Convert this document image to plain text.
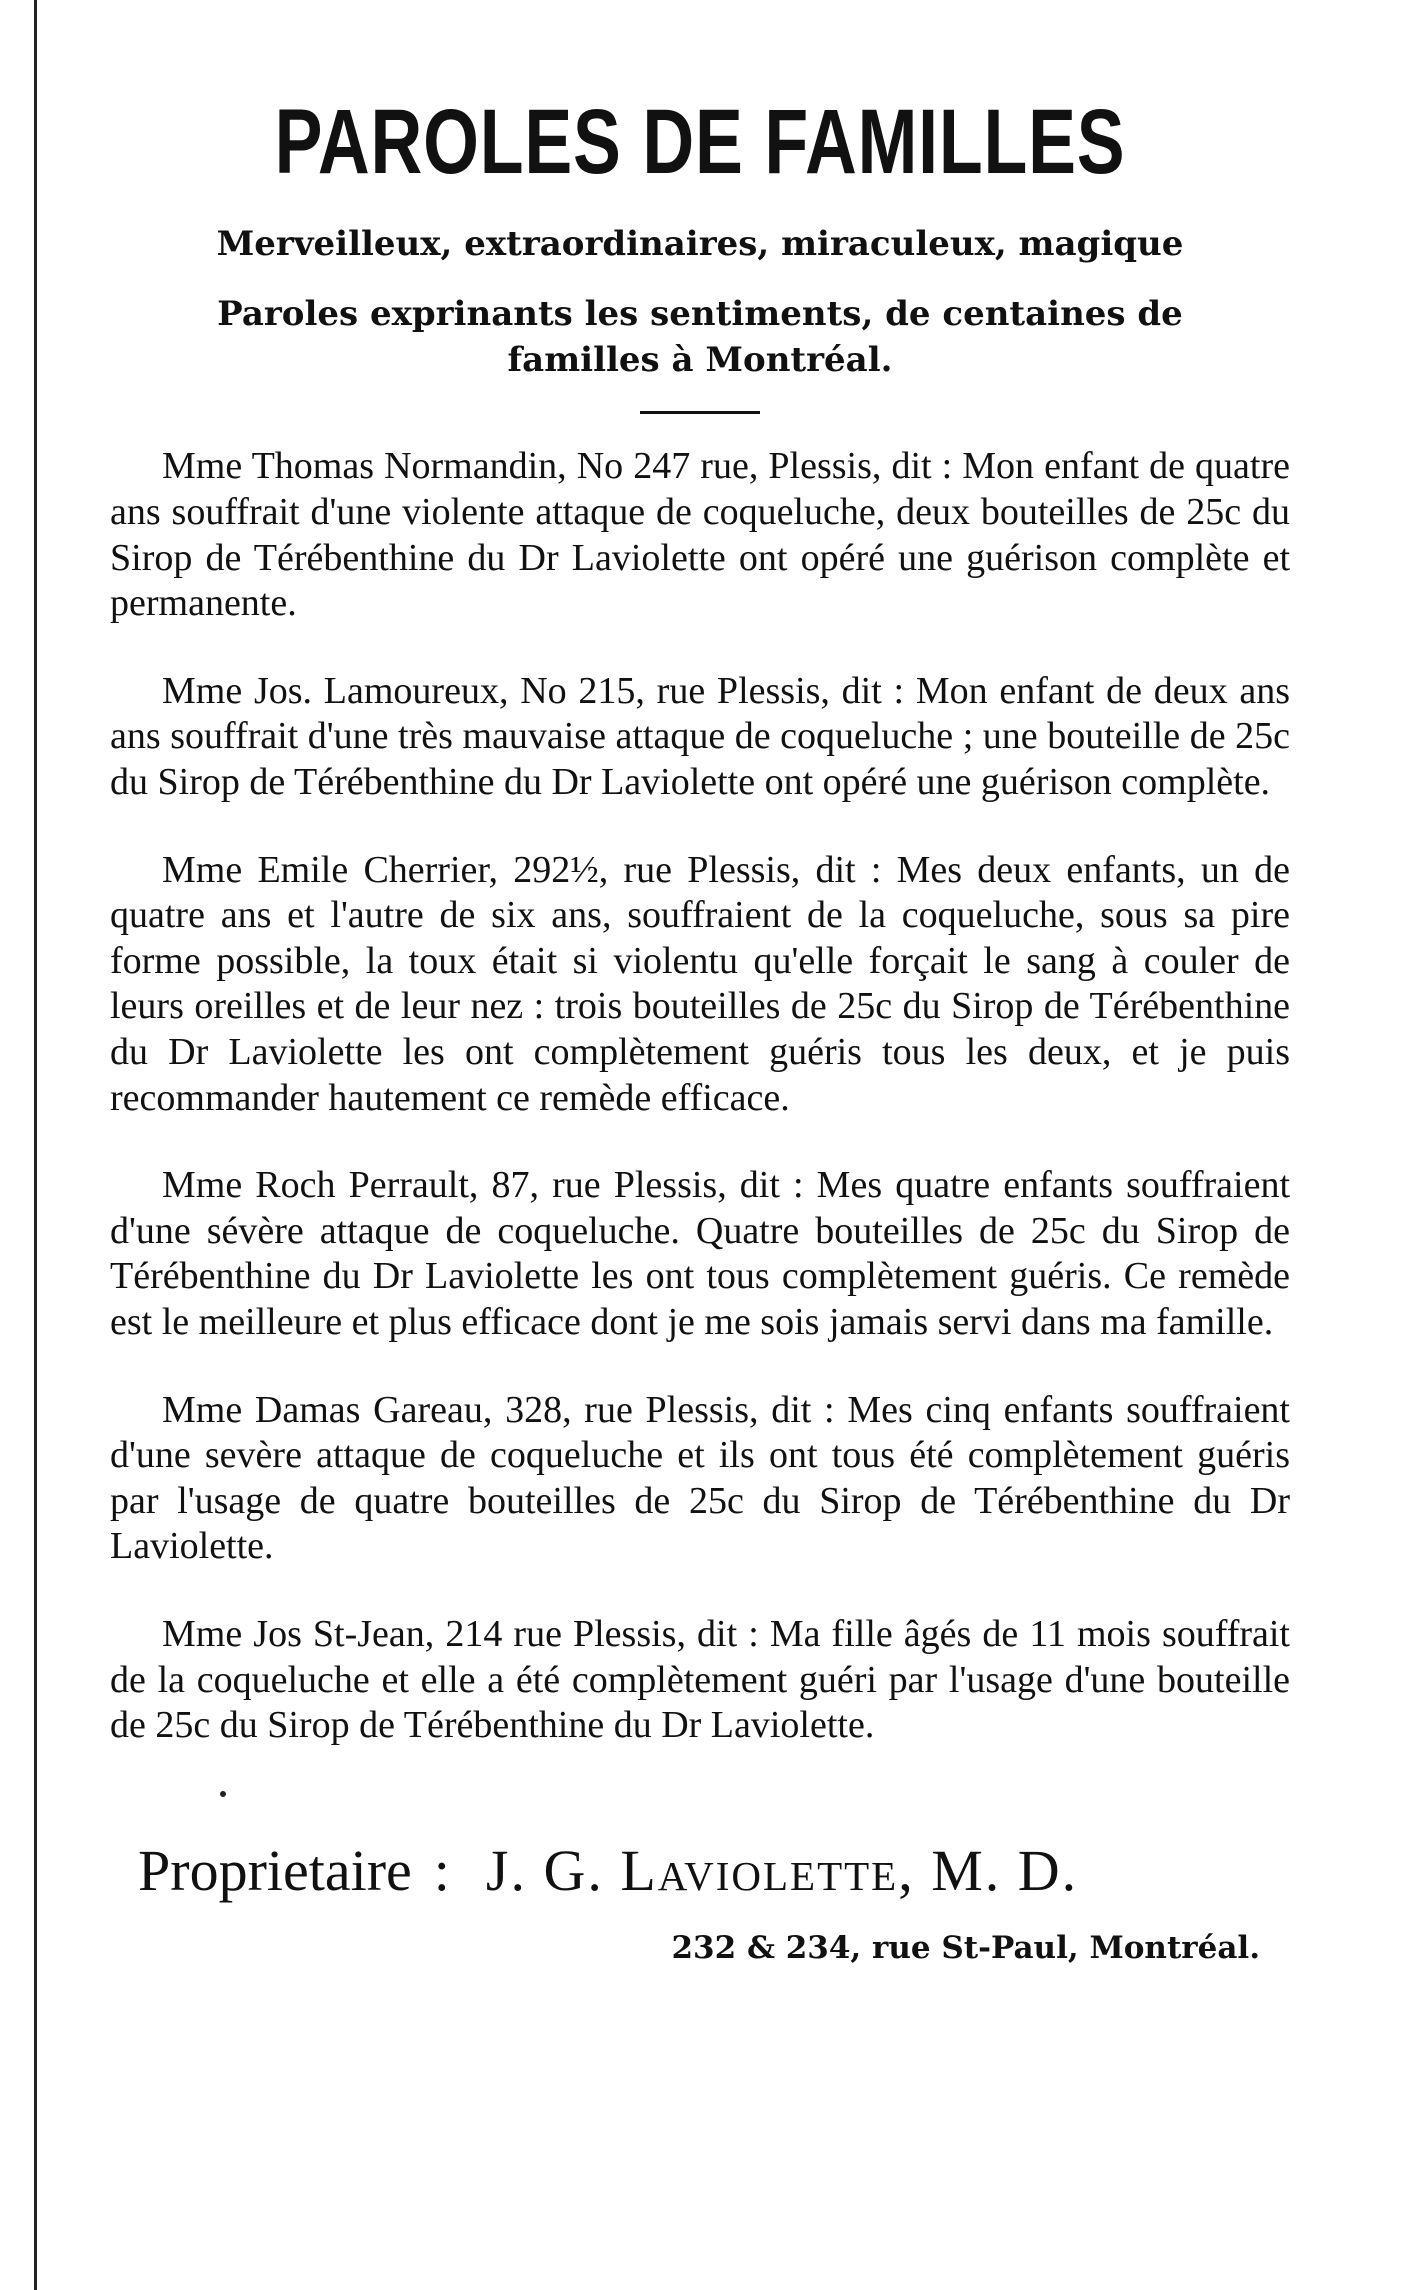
PAROLES DE FAMILLES

Merveilleux, extraordinaires, miraculeux, magique

Paroles exprinants les sentiments, de centaines de familles à Montréal.

Mme Thomas Normandin, No 247 rue, Plessis, dit : Mon enfant de quatre ans souffrait d'une violente attaque de coqueluche, deux bouteilles de 25c du Sirop de Térébenthine du Dr Laviolette ont opéré une guérison complète et permanente.

Mme Jos. Lamoureux, No 215, rue Plessis, dit : Mon enfant de deux ans ans souffrait d'une très mauvaise attaque de coqueluche ; une bouteille de 25c du Sirop de Térébenthine du Dr Laviolette ont opéré une guérison complète.

Mme Emile Cherrier, 292½, rue Plessis, dit : Mes deux enfants, un de quatre ans et l'autre de six ans, souffraient de la coqueluche, sous sa pire forme possible, la toux était si violentu qu'elle forçait le sang à couler de leurs oreilles et de leur nez : trois bouteilles de 25c du Sirop de Térébenthine du Dr Laviolette les ont complètement guéris tous les deux, et je puis recommander hautement ce remède efficace.

Mme Roch Perrault, 87, rue Plessis, dit : Mes quatre enfants souffraient d'une sévère attaque de coqueluche. Quatre bouteilles de 25c du Sirop de Térébenthine du Dr Laviolette les ont tous complètement guéris. Ce remède est le meilleure et plus efficace dont je me sois jamais servi dans ma famille.

Mme Damas Gareau, 328, rue Plessis, dit : Mes cinq enfants souffraient d'une sevère attaque de coqueluche et ils ont tous été complètement guéris par l'usage de quatre bouteilles de 25c du Sirop de Térébenthine du Dr Laviolette.

Mme Jos St-Jean, 214 rue Plessis, dit : Ma fille âgés de 11 mois souffrait de la coqueluche et elle a été complètement guéri par l'usage d'une bouteille de 25c du Sirop de Térébenthine du Dr Laviolette.

Proprietaire : J. G. Laviolette, M. D.
232 & 234, rue St-Paul, Montréal.
